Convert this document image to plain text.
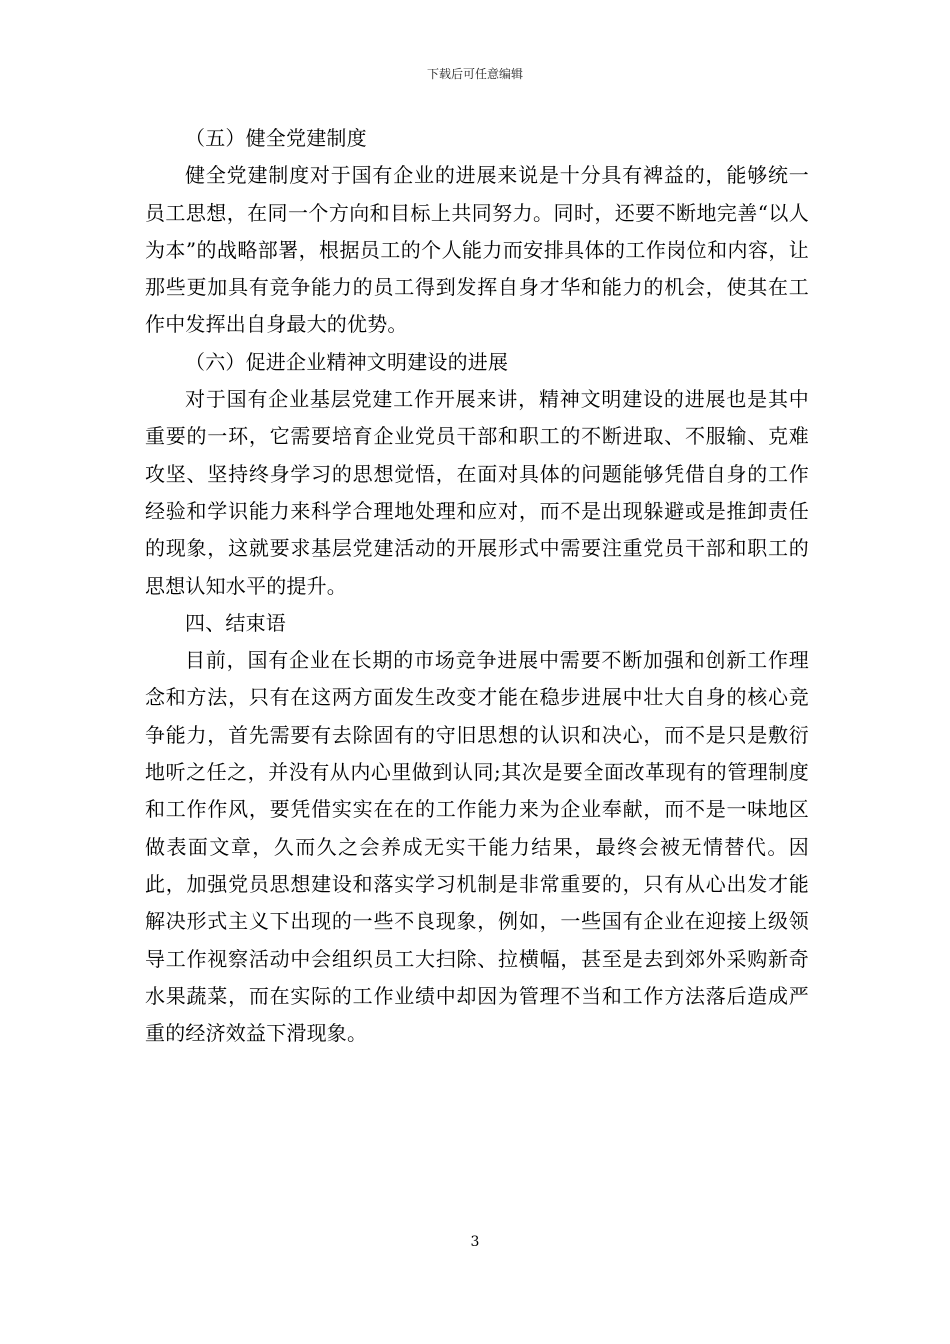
下载后可任意编辑

（五）健全党建制度

健全党建制度对于国有企业的进展来说是十分具有裨益的，能够统一员工思想，在同一个方向和目标上共同努力。同时，还要不断地完善“以人为本”的战略部署，根据员工的个人能力而安排具体的工作岗位和内容，让那些更加具有竞争能力的员工得到发挥自身才华和能力的机会，使其在工作中发挥出自身最大的优势。

（六）促进企业精神文明建设的进展

对于国有企业基层党建工作开展来讲，精神文明建设的进展也是其中重要的一环，它需要培育企业党员干部和职工的不断进取、不服输、克难攻坚、坚持终身学习的思想觉悟，在面对具体的问题能够凭借自身的工作经验和学识能力来科学合理地处理和应对，而不是出现躲避或是推卸责任的现象，这就要求基层党建活动的开展形式中需要注重党员干部和职工的思想认知水平的提升。

四、结束语

目前，国有企业在长期的市场竞争进展中需要不断加强和创新工作理念和方法，只有在这两方面发生改变才能在稳步进展中壮大自身的核心竞争能力，首先需要有去除固有的守旧思想的认识和决心，而不是只是敷衍地听之任之，并没有从内心里做到认同;其次是要全面改革现有的管理制度和工作作风，要凭借实实在在的工作能力来为企业奉献，而不是一味地区做表面文章，久而久之会养成无实干能力结果，最终会被无情替代。因此，加强党员思想建设和落实学习机制是非常重要的，只有从心出发才能解决形式主义下出现的一些不良现象，例如，一些国有企业在迎接上级领导工作视察活动中会组织员工大扫除、拉横幅，甚至是去到郊外采购新奇水果蔬菜，而在实际的工作业绩中却因为管理不当和工作方法落后造成严重的经济效益下滑现象。

3
